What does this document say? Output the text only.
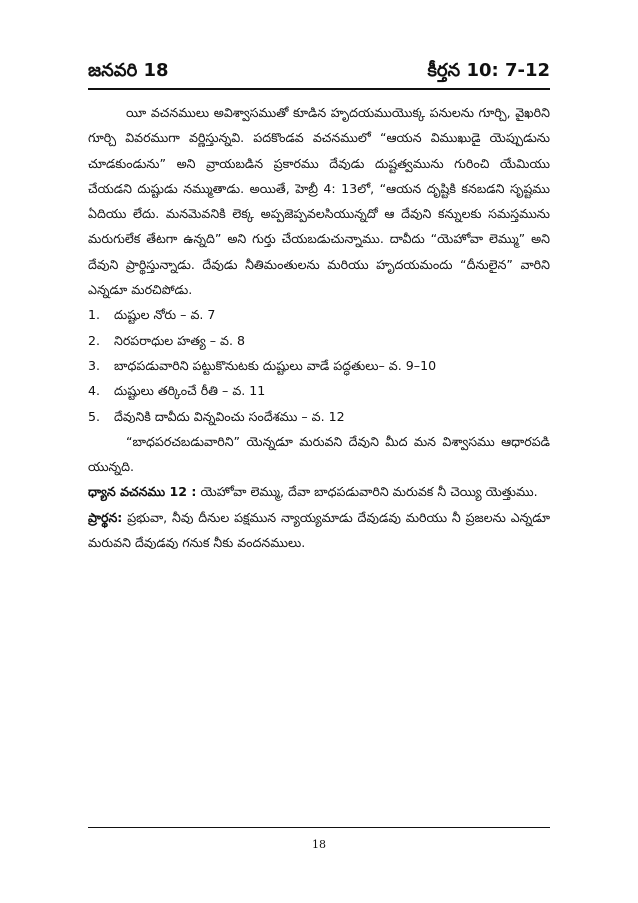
జనవరి 18	కీర్తన 10: 7-12

యీ వచనములు అవిశ్వాసముతో కూడిన హృదయముయొక్క పనులను గూర్చి, వైఖరిని గూర్చి వివరముగా వర్ణిస్తున్నవి. పదకొండవ వచనములో “ఆయన విముఖుడై యెప్పుడును చూడకుండును” అని వ్రాయబడిన ప్రకారము దేవుడు దుష్టత్వమును గురించి యేమియు చేయడని దుష్టుడు నమ్ముతాడు. అయితే, హెబ్రీ 4: 13లో, “ఆయన దృష్టికి కనబడని సృష్టము ఏదియు లేదు. మనమెవనికి లెక్క అప్పజెప్పవలసియున్నదో ఆ దేవుని కన్నులకు సమస్తమును మరుగులేక తేటగా ఉన్నది” అని గుర్తు చేయబడుచున్నాము. దావీదు “యెహోవా లెమ్ము” అని దేవుని ప్రార్థిస్తున్నాడు. దేవుడు నీతిమంతులను మరియు హృదయమందు “దీనులైన” వారిని ఎన్నడూ మరచిపోడు.

1.	దుష్టుల నోరు – వ. 7
2.	నిరపరాధుల హత్య – వ. 8
3.	బాధపడువారిని పట్టుకొనుటకు దుష్టులు వాడే పద్ధతులు– వ. 9–10
4.	దుష్టులు తర్కించే రీతి – వ. 11
5.	దేవునికి దావీదు విన్నవించు సందేశము – వ. 12

“బాధపరచబడువారిని” యెన్నడూ మరువని దేవుని మీద మన విశ్వాసము ఆధారపడి యున్నది.

ధ్యాన వచనము 12 : యెహోవా లెమ్ము, దేవా బాధపడువారిని మరువక నీ చెయ్యి యెత్తుము.

ప్రార్థన: ప్రభువా, నీవు దీనుల పక్షమున న్యాయ్యమాడు దేవుడవు మరియు నీ ప్రజలను ఎన్నడూ మరువని దేవుడవు గనుక నీకు వందనములు.

18
